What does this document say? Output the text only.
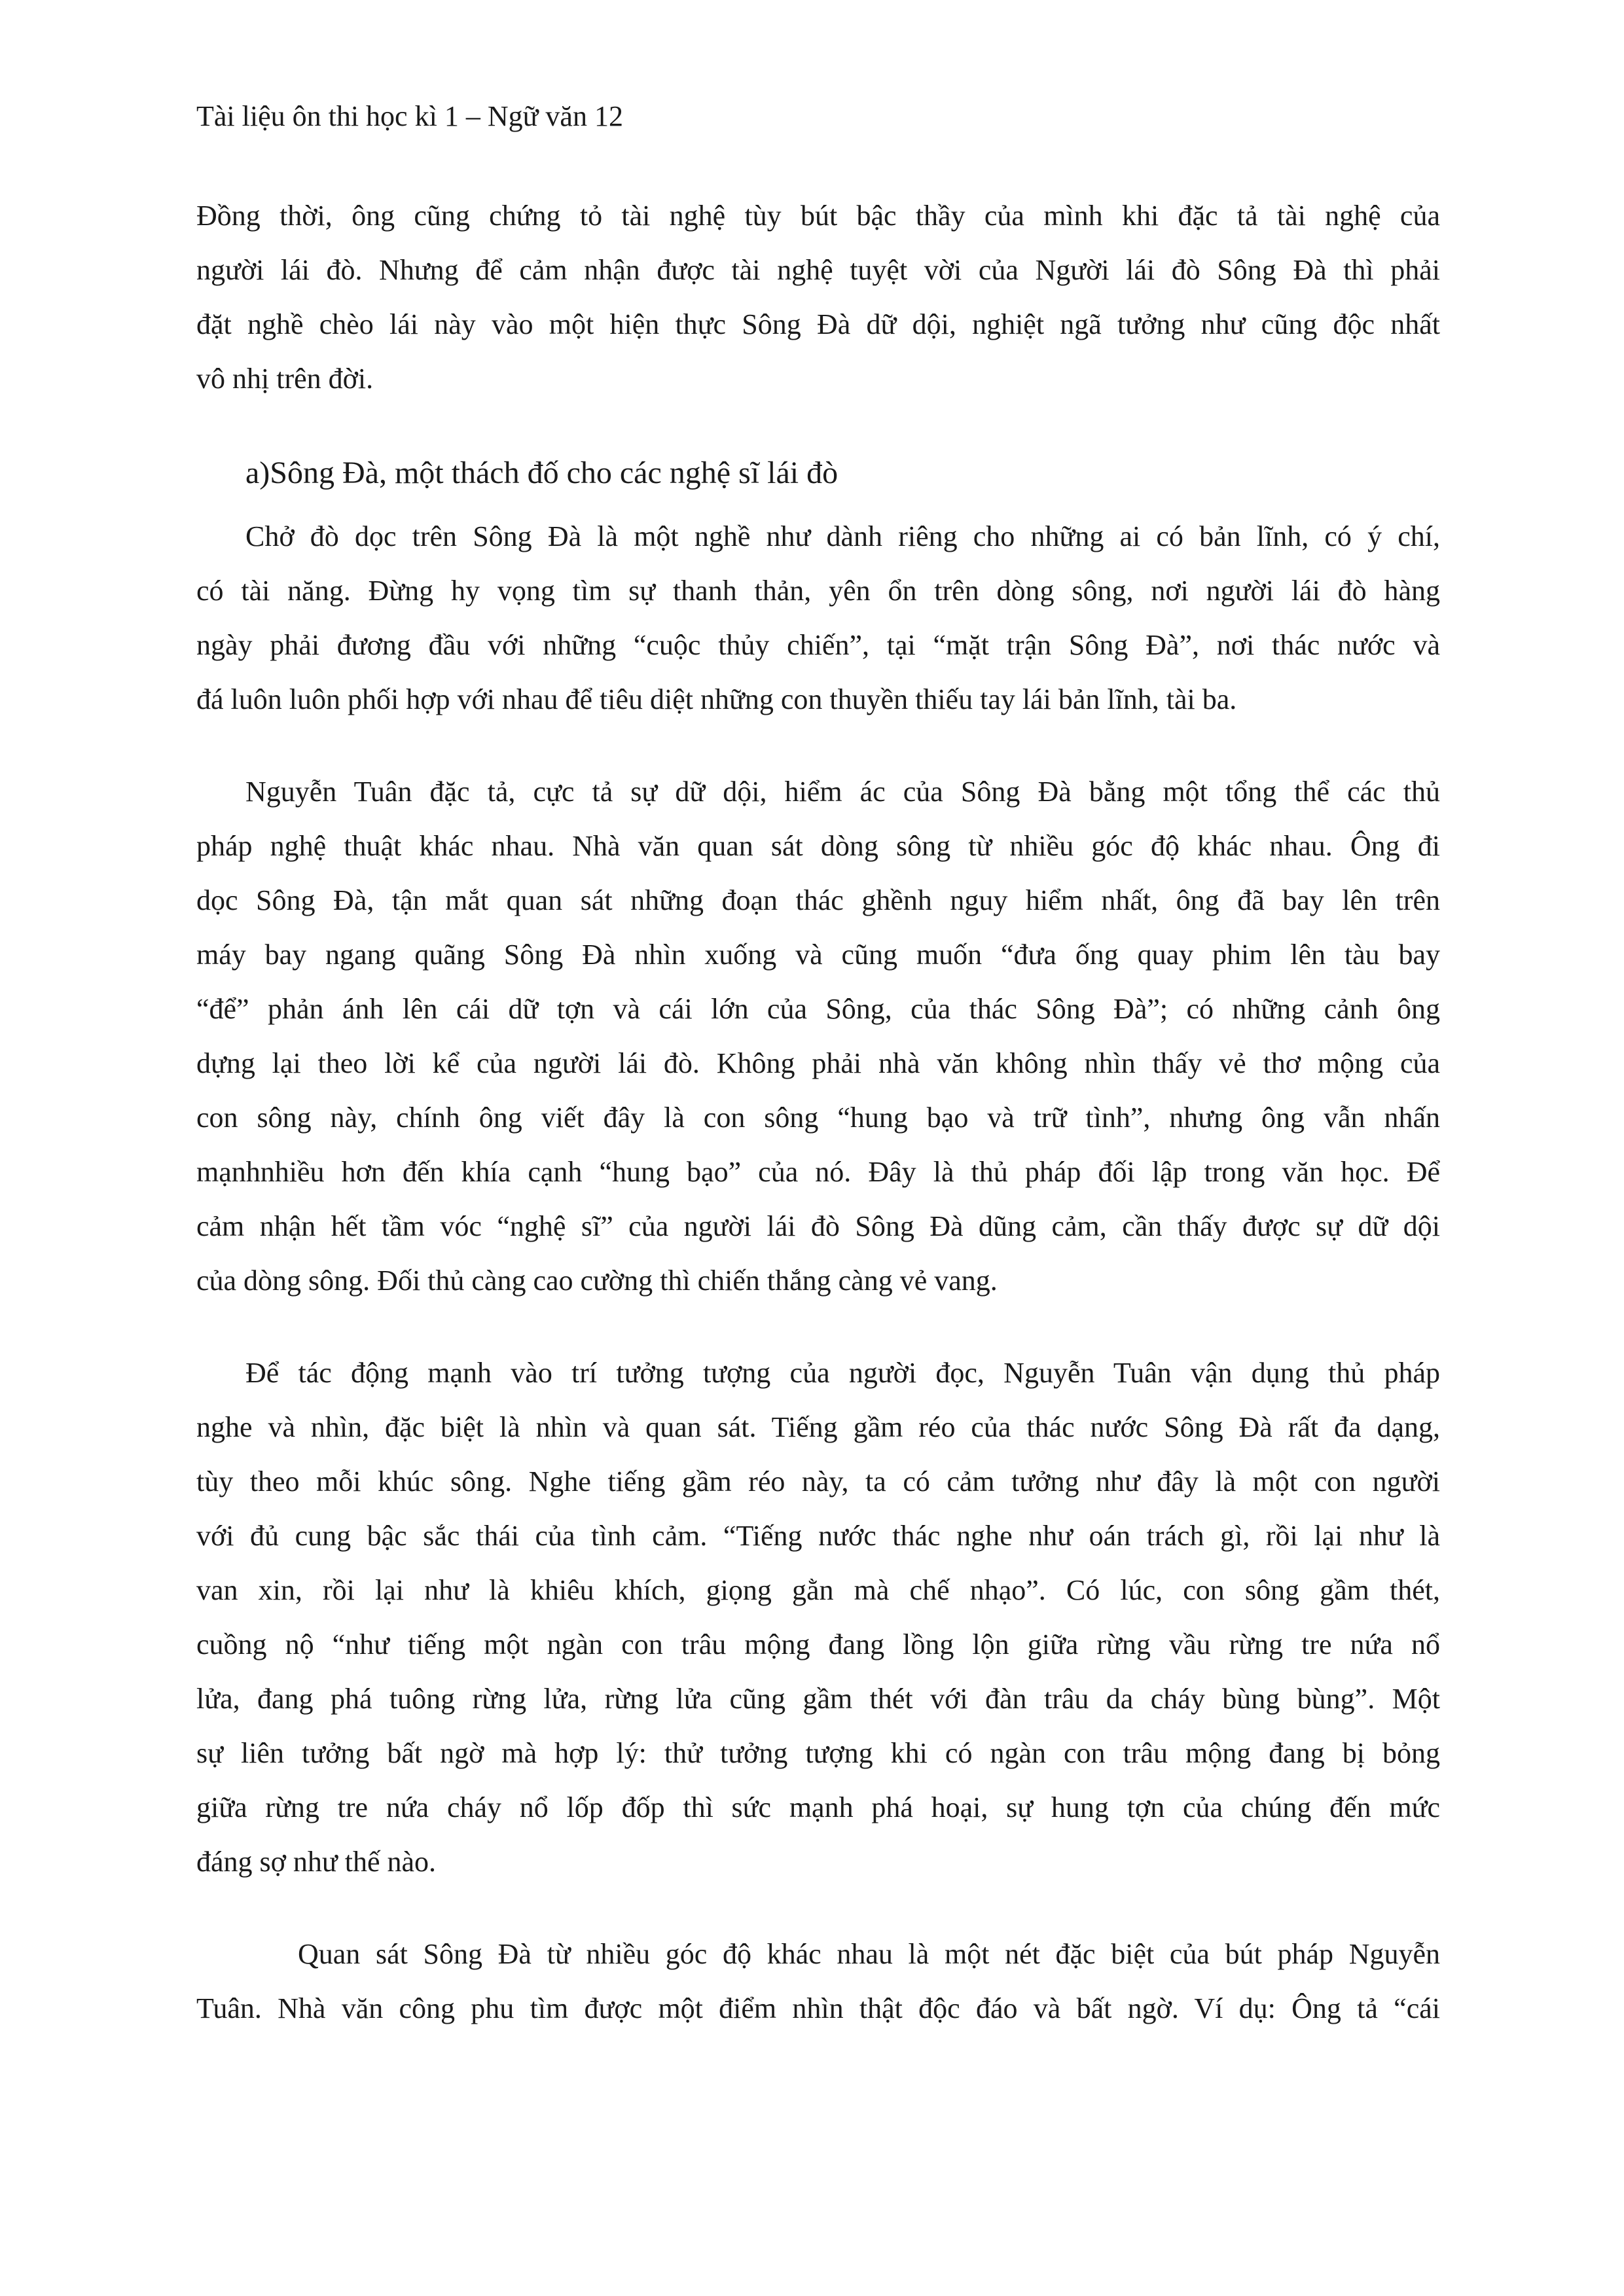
Tài liệu ôn thi học kì 1 – Ngữ văn 12
Đồng thời, ông cũng chứng tỏ tài nghệ tùy bút bậc thầy của mình khi đặc tả tài nghệ của
người lái đò. Nhưng để cảm nhận được tài nghệ tuyệt vời của Người lái đò Sông Đà thì phải
đặt nghề chèo lái này vào một hiện thực Sông Đà dữ dội, nghiệt ngã tưởng như cũng độc nhất
vô nhị trên đời.
a)Sông Đà, một thách đố cho các nghệ sĩ lái đò
Chở đò dọc trên Sông Đà là một nghề như dành riêng cho những ai có bản lĩnh, có ý chí,
có tài năng. Đừng hy vọng tìm sự thanh thản, yên ổn trên dòng sông, nơi người lái đò hàng
ngày phải đương đầu với những “cuộc thủy chiến”, tại “mặt trận Sông Đà”, nơi thác nước và
đá luôn luôn phối hợp với nhau để tiêu diệt những con thuyền thiếu tay lái bản lĩnh, tài ba.
Nguyễn Tuân đặc tả, cực tả sự dữ dội, hiểm ác của Sông Đà bằng một tổng thể các thủ
pháp nghệ thuật khác nhau. Nhà văn quan sát dòng sông từ nhiều góc độ khác nhau. Ông đi
dọc Sông Đà, tận mắt quan sát những đoạn thác ghềnh nguy hiểm nhất, ông đã bay lên trên
máy bay ngang quãng Sông Đà nhìn xuống và cũng muốn “đưa ống quay phim lên tàu bay
“để” phản ánh lên cái dữ tợn và cái lớn của Sông, của thác Sông Đà”; có những cảnh ông
dựng lại theo lời kể của người lái đò. Không phải nhà văn không nhìn thấy vẻ thơ mộng của
con sông này, chính ông viết đây là con sông “hung bạo và trữ tình”, nhưng ông vẫn nhấn
mạnhnhiều hơn đến khía cạnh “hung bạo” của nó. Đây là thủ pháp đối lập trong văn học. Để
cảm nhận hết tầm vóc “nghệ sĩ” của người lái đò Sông Đà dũng cảm, cần thấy được sự dữ dội
của dòng sông. Đối thủ càng cao cường thì chiến thắng càng vẻ vang.
Để tác động mạnh vào trí tưởng tượng của người đọc, Nguyễn Tuân vận dụng thủ pháp
nghe và nhìn, đặc biệt là nhìn và quan sát. Tiếng gầm réo của thác nước Sông Đà rất đa dạng,
tùy theo mỗi khúc sông. Nghe tiếng gầm réo này, ta có cảm tưởng như đây là một con người
với đủ cung bậc sắc thái của tình cảm. “Tiếng nước thác nghe như oán trách gì, rồi lại như là
van xin, rồi lại như là khiêu khích, giọng gằn mà chế nhạo”. Có lúc, con sông gầm thét,
cuồng nộ “như tiếng một ngàn con trâu mộng đang lồng lộn giữa rừng vầu rừng tre nứa nổ
lửa, đang phá tuông rừng lửa, rừng lửa cũng gầm thét với đàn trâu da cháy bùng bùng”. Một
sự liên tưởng bất ngờ mà hợp lý: thử tưởng tượng khi có ngàn con trâu mộng đang bị bỏng
giữa rừng tre nứa cháy nổ lốp đốp thì sức mạnh phá hoại, sự hung tợn của chúng đến mức
đáng sợ như thế nào.
Quan sát Sông Đà từ nhiều góc độ khác nhau là một nét đặc biệt của bút pháp Nguyễn
Tuân. Nhà văn công phu tìm được một điểm nhìn thật độc đáo và bất ngờ. Ví dụ: Ông tả “cái
